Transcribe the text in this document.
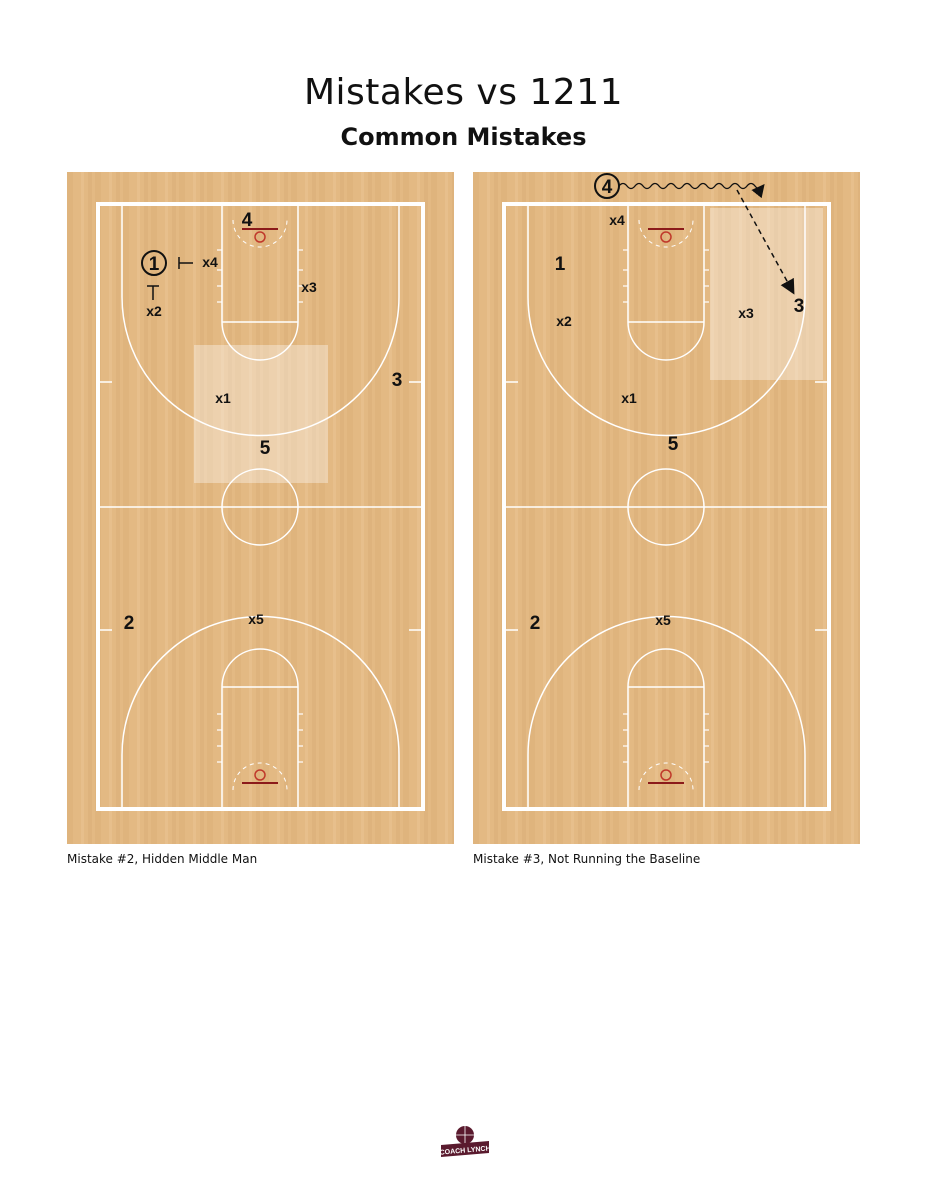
Mistakes vs 1211
Common Mistakes
1
2
3
4
5
x1
x2
x3
x4
x5
1
2
3
4
5
x1
x2	x3
x4
x5
Mistake #2, Hidden Middle Man	Mistake #3, Not Running the Baseline
COACH LYNCH
